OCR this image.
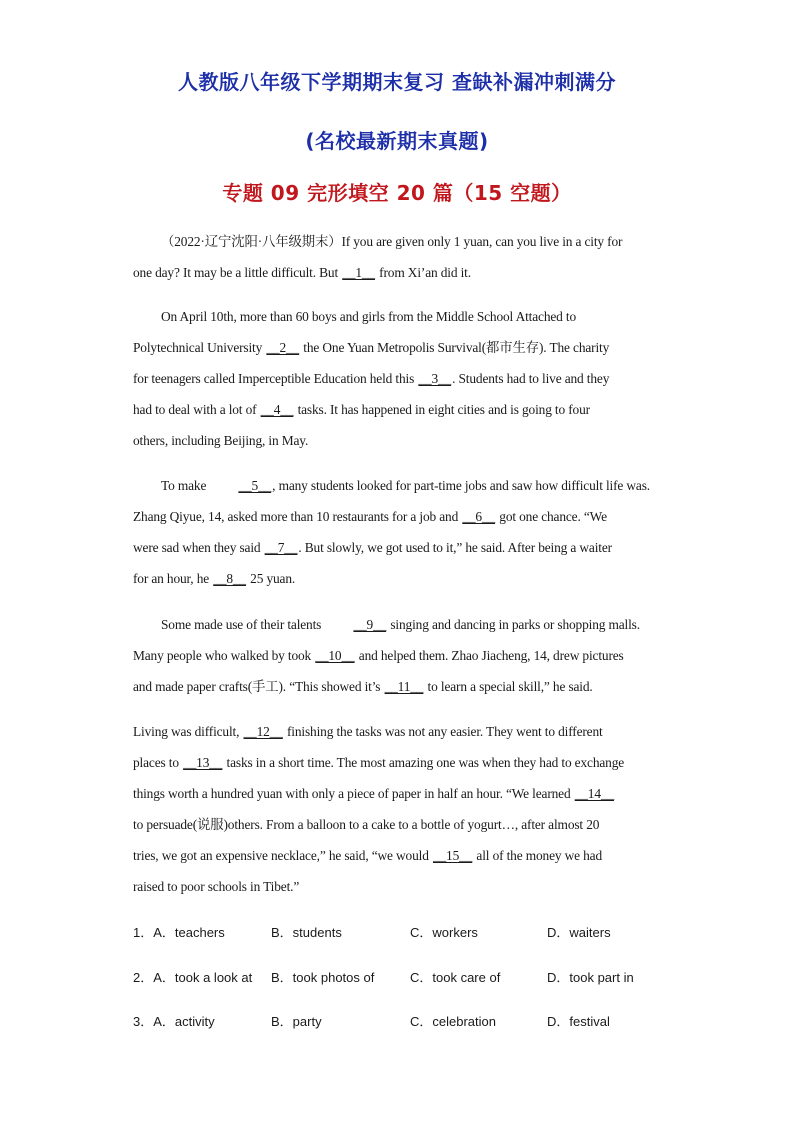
人教版八年级下学期期末复习 查缺补漏冲刺满分
(名校最新期末真题)
专题 09 完形填空 20 篇（15 空题）

（2022·辽宁沈阳·八年级期末）If you are given only 1 yuan, can you live in a city for
one day? It may be a little difficult. But __1__ from Xi’an did it.

On April 10th, more than 60 boys and girls from the Middle School Attached to
Polytechnical University __2__ the One Yuan Metropolis Survival(都市生存). The charity
for teenagers called Imperceptible Education held this __3__. Students had to live and they
had to deal with a lot of __4__ tasks. It has happened in eight cities and is going to four
others, including Beijing, in May.

To make __5__, many students looked for part-time jobs and saw how difficult life was.
Zhang Qiyue, 14, asked more than 10 restaurants for a job and __6__ got one chance. “We
were sad when they said __7__. But slowly, we got used to it,” he said. After being a waiter
for an hour, he __8__ 25 yuan.

Some made use of their talents __9__ singing and dancing in parks or shopping malls.
Many people who walked by took __10__ and helped them. Zhao Jiacheng, 14, drew pictures
and made paper crafts(手工). “This showed it’s __11__ to learn a special skill,” he said.

Living was difficult, __12__ finishing the tasks was not any easier. They went to different
places to __13__ tasks in a short time. The most amazing one was when they had to exchange
things worth a hundred yuan with only a piece of paper in half an hour. “We learned __14__
to persuade(说服)others. From a balloon to a cake to a bottle of yogurt…, after almost 20
tries, we got an expensive necklace,” he said, “we would __15__ all of the money we had
raised to poor schools in Tibet.”

1．A．teachers	B．students	C．workers	D．waiters
2．A．took a look at B．took photos of	C．took care of	D．took part in
3．A．activity	B．party	C．celebration	D．festival
